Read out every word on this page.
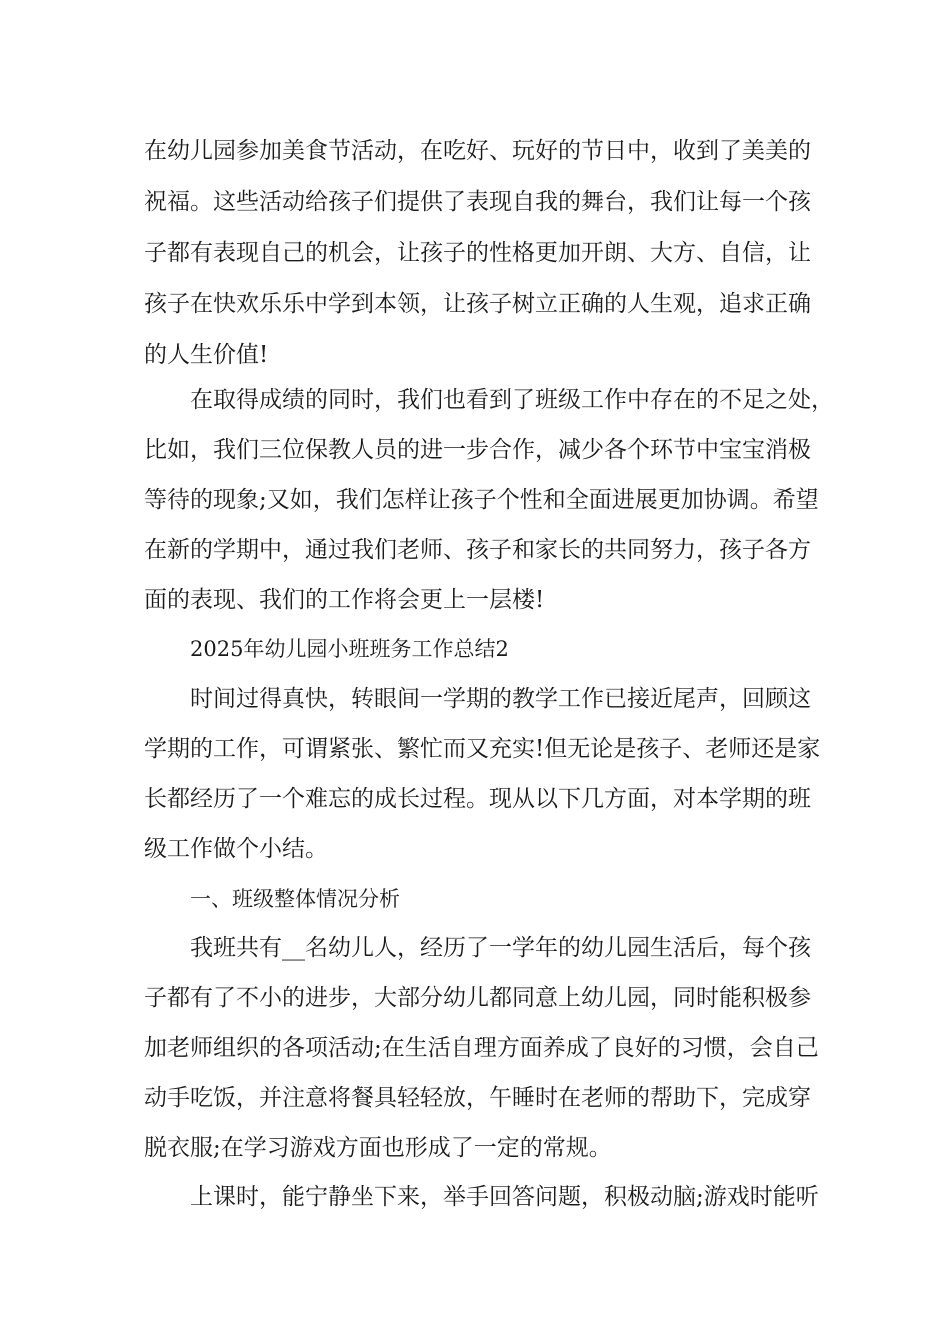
在幼儿园参加美食节活动，在吃好、玩好的节日中，收到了美美的
祝福。这些活动给孩子们提供了表现自我的舞台，我们让每一个孩
子都有表现自己的机会，让孩子的性格更加开朗、大方、自信，让
孩子在快欢乐乐中学到本领，让孩子树立正确的人生观，追求正确
的人生价值!
在取得成绩的同时，我们也看到了班级工作中存在的不足之处，
比如，我们三位保教人员的进一步合作，减少各个环节中宝宝消极
等待的现象;又如，我们怎样让孩子个性和全面进展更加协调。希望
在新的学期中，通过我们老师、孩子和家长的共同努力，孩子各方
面的表现、我们的工作将会更上一层楼!
2025年幼儿园小班班务工作总结2
时间过得真快，转眼间一学期的教学工作已接近尾声，回顾这
学期的工作，可谓紧张、繁忙而又充实!但无论是孩子、老师还是家
长都经历了一个难忘的成长过程。现从以下几方面，对本学期的班
级工作做个小结。
一、班级整体情况分析
我班共有__名幼儿人，经历了一学年的幼儿园生活后，每个孩
子都有了不小的进步，大部分幼儿都同意上幼儿园，同时能积极参
加老师组织的各项活动;在生活自理方面养成了良好的习惯，会自己
动手吃饭，并注意将餐具轻轻放，午睡时在老师的帮助下，完成穿
脱衣服;在学习游戏方面也形成了一定的常规。
上课时，能宁静坐下来，举手回答问题，积极动脑;游戏时能听
